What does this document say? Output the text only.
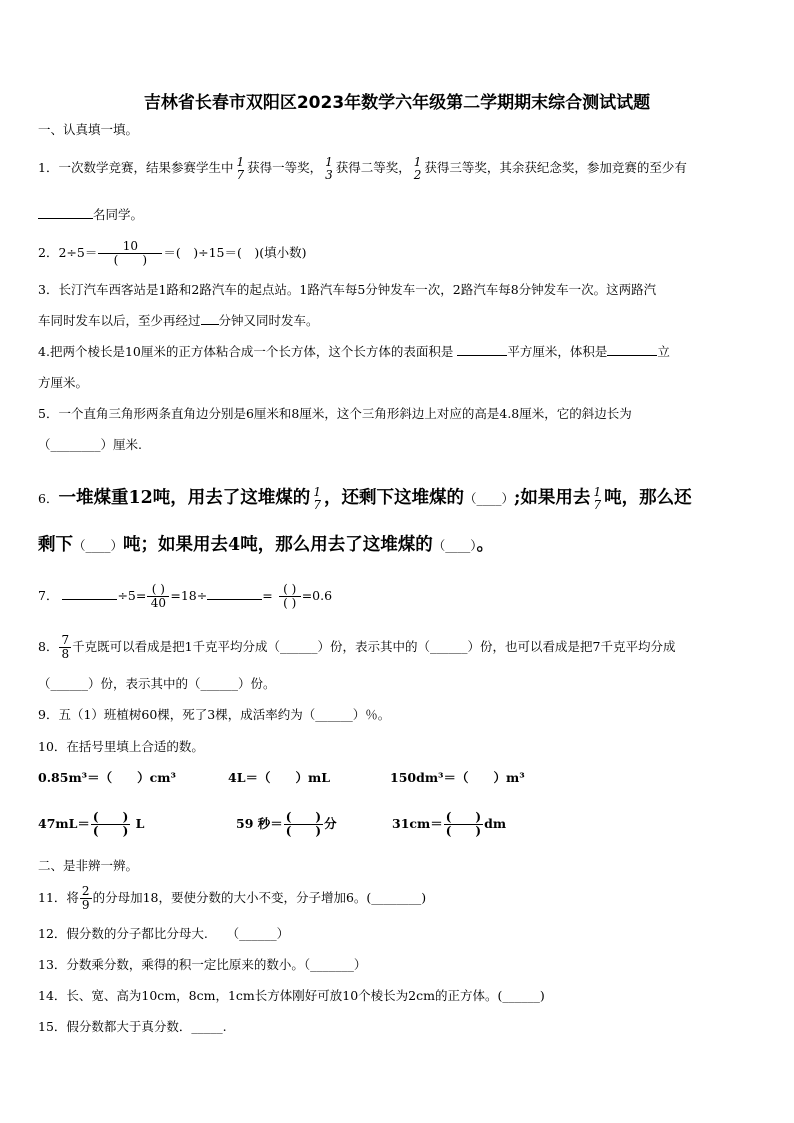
吉林省长春市双阳区2023年数学六年级第二学期期末综合测试试题
一、认真填一填。
1．一次数学竞赛，结果参赛学生中 1
7 获得一等奖， 1
3 获得二等奖， 1
2 获得三等奖，其余获纪念奖，参加竞赛的至少有
名同学。
2．$2\div 5= \frac{10}{( )}$ ＝(　)÷15＝(　)(填小数)
3．长汀汽车西客站是1路和2路汽车的起点站。1路汽车每5分钟发车一次，2路汽车每8分钟发车一次。这两路汽
车同时发车以后，至少再经过 分钟又同时发车。
4.把两个棱长是10厘米的正方体粘合成一个长方体，这个长方体的表面积是	平方厘米，体积是	立
方厘米。
5．一个直角三角形两条直角边分别是6厘米和8厘米，这个三角形斜边上对应的高是4.8厘米，它的斜边长为
（________）厘米.
6．一堆煤重12吨，用去了这堆煤的 1
7 ，还剩下这堆煤的（____）;如果用去 1
7 吨，那么还
剩下（____）吨；如果用去4吨，那么用去了这堆煤的（____）。
7．	$\div 5= \frac{( )}{40} =18\div$	= $\frac{( )}{( )} =0.6$
8． $\frac{7}{8}$ 千克既可以看成是把1千克平均分成（______）份，表示其中的（______）份，也可以看成是把7千克平均分成
（______）份，表示其中的（______）份。
9．五（1）班植树60棵，死了3棵，成活率约为（______）％。
10．在括号里填上合适的数。
0.85m³＝（　　）cm³	4L＝（　　）mL	150dm³＝（　　）m³
$47mL= \frac{( )}{( )}$ L	59 秒＝ $\frac{( )}{( )}$ 分	$31cm= \frac{( )}{( )}$ dm
二、是非辨一辨。
11．将 $\frac{2}{9}$ 的分母加18，要使分数的大小不变，分子增加6。(________)
12．假分数的分子都比分母大.　　（______）
13．分数乘分数，乘得的积一定比原来的数小。（_______）
14．长、宽、高为10cm，8cm，1cm长方体刚好可放10个棱长为2cm的正方体。(______)
15．假分数都大于真分数．_____.
